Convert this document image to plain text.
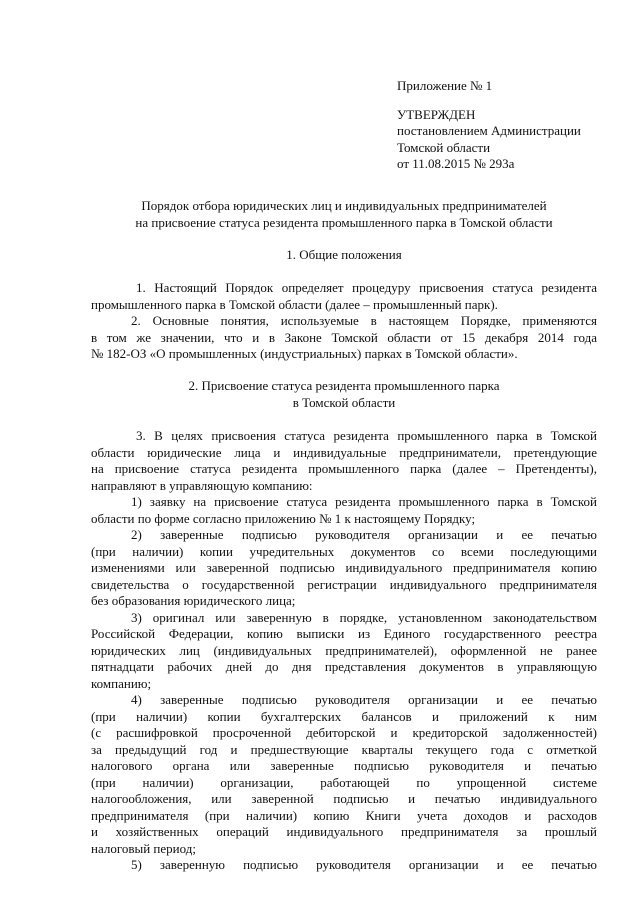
Приложение № 1
УТВЕРЖДЕН
постановлением Администрации
Томской области
от 11.08.2015 № 293а
Порядок отбора юридических лиц и индивидуальных предпринимателей
на присвоение статуса резидента промышленного парка в Томской области
1. Общие положения
1. Настоящий Порядок определяет процедуру присвоения статуса резидента
промышленного парка в Томской области (далее – промышленный парк).
2. Основные понятия, используемые в настоящем Порядке, применяются
в том же значении, что и в Законе Томской области от 15 декабря 2014 года
№ 182-ОЗ «О промышленных (индустриальных) парках в Томской области».
2. Присвоение статуса резидента промышленного парка
в Томской области
3. В целях присвоения статуса резидента промышленного парка в Томской
области юридические лица и индивидуальные предприниматели, претендующие
на присвоение статуса резидента промышленного парка (далее – Претенденты),
направляют в управляющую компанию:
1) заявку на присвоение статуса резидента промышленного парка в Томской
области по форме согласно приложению № 1 к настоящему Порядку;
2) заверенные подписью руководителя организации и ее печатью
(при наличии) копии учредительных документов со всеми последующими
изменениями или заверенной подписью индивидуального предпринимателя копию
свидетельства о государственной регистрации индивидуального предпринимателя
без образования юридического лица;
3) оригинал или заверенную в порядке, установленном законодательством
Российской Федерации, копию выписки из Единого государственного реестра
юридических лиц (индивидуальных предпринимателей), оформленной не ранее
пятнадцати рабочих дней до дня представления документов в управляющую
компанию;
4) заверенные подписью руководителя организации и ее печатью
(при наличии) копии бухгалтерских балансов и приложений к ним
(с расшифровкой просроченной дебиторской и кредиторской задолженностей)
за предыдущий год и предшествующие кварталы текущего года с отметкой
налогового органа или заверенные подписью руководителя и печатью
(при наличии) организации, работающей по упрощенной системе
налогообложения, или заверенной подписью и печатью индивидуального
предпринимателя (при наличии) копию Книги учета доходов и расходов
и хозяйственных операций индивидуального предпринимателя за прошлый
налоговый период;
5) заверенную подписью руководителя организации и ее печатью
